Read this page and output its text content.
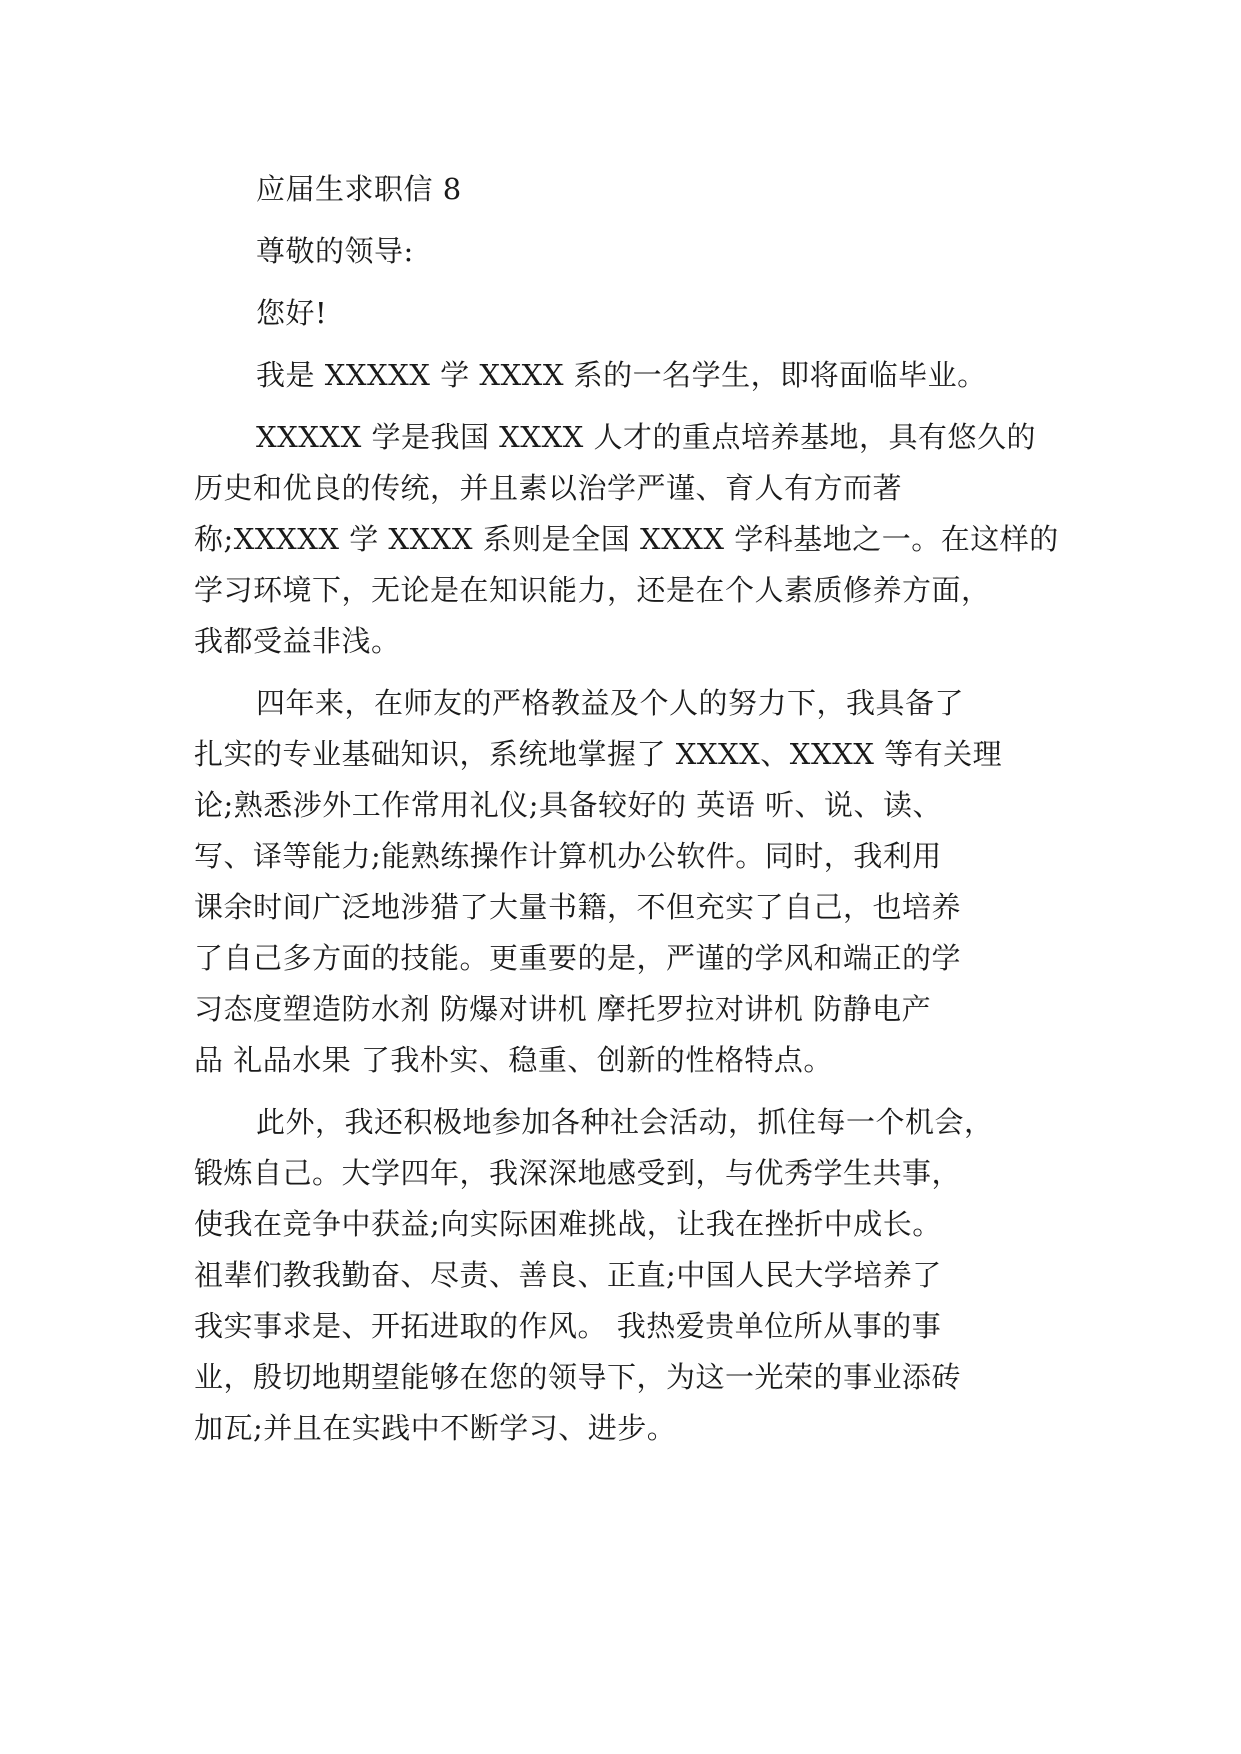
应届生求职信 8
尊敬的领导:
您好!
我是 XXXXX 学 XXXX 系的一名学生，即将面临毕业。
XXXXX 学是我国 XXXX 人才的重点培养基地，具有悠久的
历史和优良的传统，并且素以治学严谨、育人有方而著
称;XXXXX 学 XXXX 系则是全国 XXXX 学科基地之一。在这样的
学习环境下，无论是在知识能力，还是在个人素质修养方面，
我都受益非浅。
四年来，在师友的严格教益及个人的努力下，我具备了
扎实的专业基础知识，系统地掌握了 XXXX、XXXX 等有关理
论;熟悉涉外工作常用礼仪;具备较好的 英语 听、说、读、
写、译等能力;能熟练操作计算机办公软件。同时，我利用
课余时间广泛地涉猎了大量书籍，不但充实了自己，也培养
了自己多方面的技能。更重要的是，严谨的学风和端正的学
习态度塑造防水剂 防爆对讲机 摩托罗拉对讲机 防静电产
品 礼品水果 了我朴实、稳重、创新的性格特点。
此外，我还积极地参加各种社会活动，抓住每一个机会，
锻炼自己。大学四年，我深深地感受到，与优秀学生共事，
使我在竞争中获益;向实际困难挑战，让我在挫折中成长。
祖辈们教我勤奋、尽责、善良、正直;中国人民大学培养了
我实事求是、开拓进取的作风。 我热爱贵单位所从事的事
业，殷切地期望能够在您的领导下，为这一光荣的事业添砖
加瓦;并且在实践中不断学习、进步。
